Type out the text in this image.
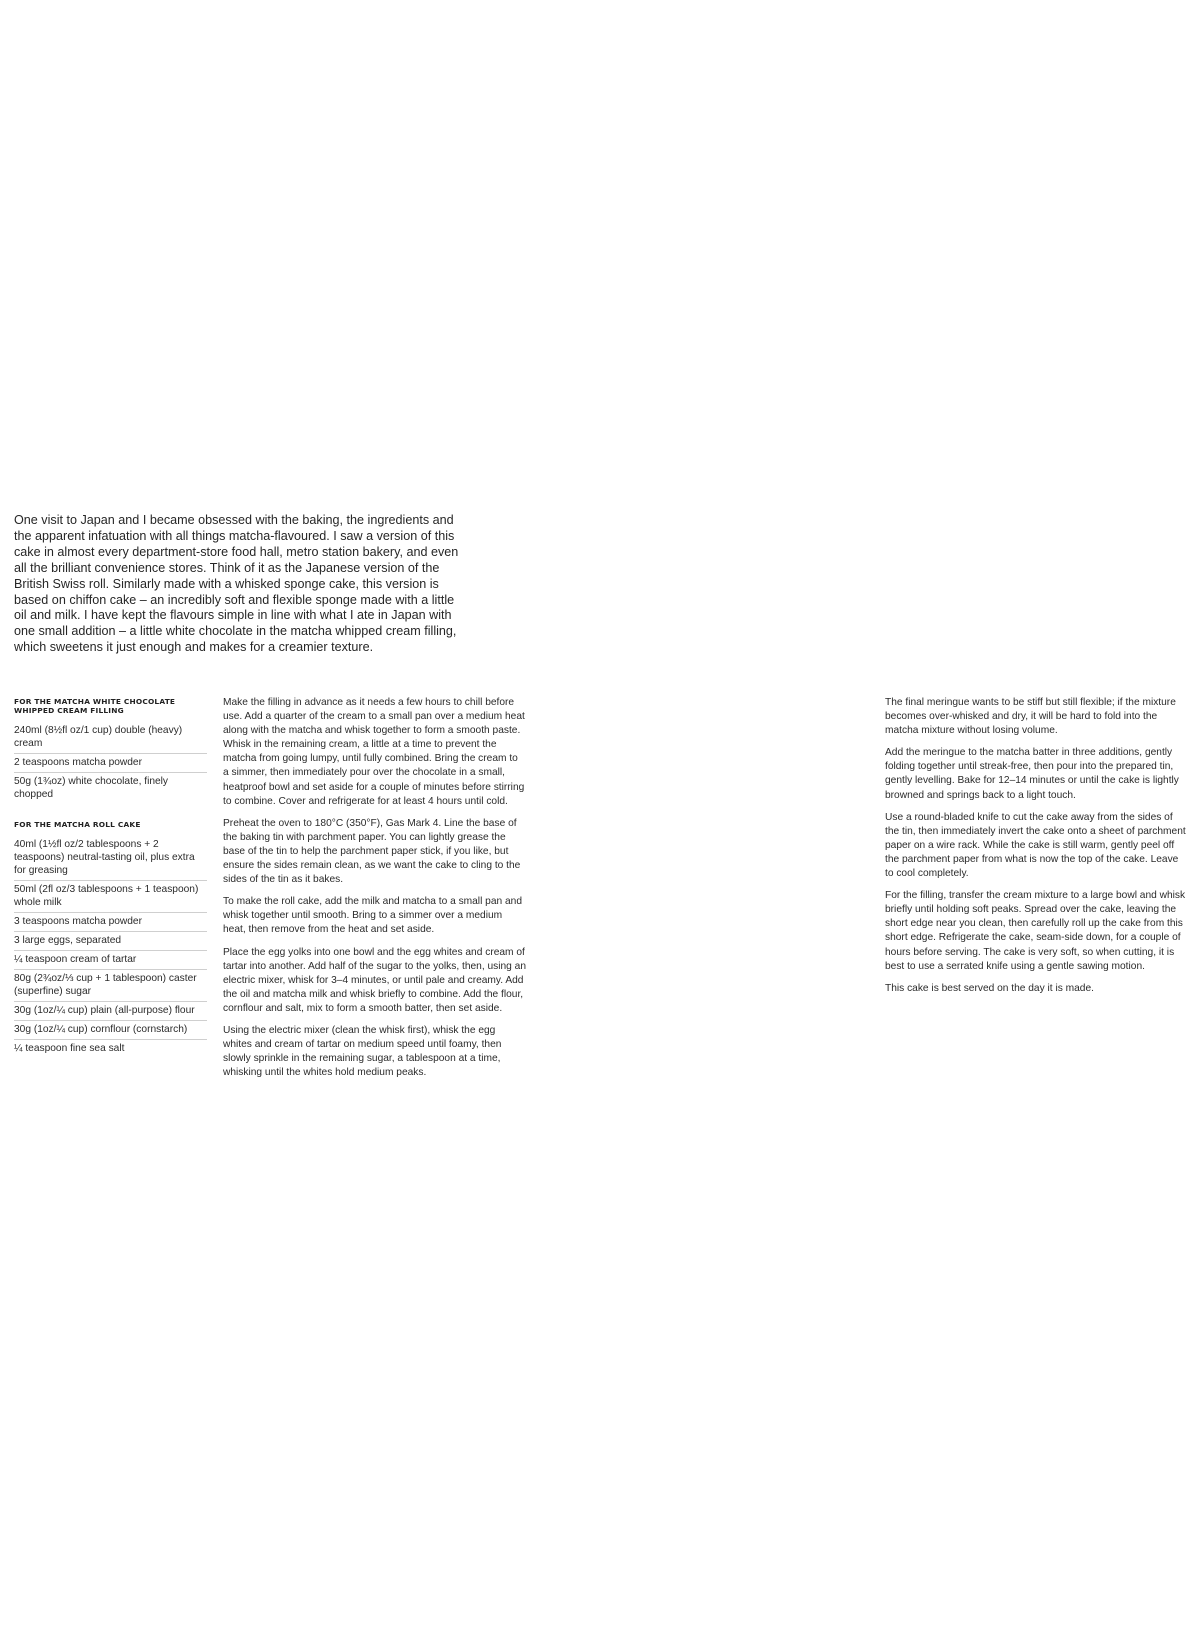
One visit to Japan and I became obsessed with the baking, the ingredients and the apparent infatuation with all things matcha-flavoured. I saw a version of this cake in almost every department-store food hall, metro station bakery, and even all the brilliant convenience stores. Think of it as the Japanese version of the British Swiss roll. Similarly made with a whisked sponge cake, this version is based on chiffon cake – an incredibly soft and flexible sponge made with a little oil and milk. I have kept the flavours simple in line with what I ate in Japan with one small addition – a little white chocolate in the matcha whipped cream filling, which sweetens it just enough and makes for a creamier texture.

FOR THE MATCHA WHITE CHOCOLATE WHIPPED CREAM FILLING
240ml (8½fl oz/1 cup) double (heavy) cream
2 teaspoons matcha powder
50g (1¾oz) white chocolate, finely chopped
FOR THE MATCHA ROLL CAKE
40ml (1½fl oz/2 tablespoons + 2 teaspoons) neutral-tasting oil, plus extra for greasing
50ml (2fl oz/3 tablespoons + 1 teaspoon) whole milk
3 teaspoons matcha powder
3 large eggs, separated
¼ teaspoon cream of tartar
80g (2¾oz/⅓ cup + 1 tablespoon) caster (superfine) sugar
30g (1oz/¼ cup) plain (all-purpose) flour
30g (1oz/¼ cup) cornflour (cornstarch)
¼ teaspoon fine sea salt

Make the filling in advance as it needs a few hours to chill before use. Add a quarter of the cream to a small pan over a medium heat along with the matcha and whisk together to form a smooth paste. Whisk in the remaining cream, a little at a time to prevent the matcha from going lumpy, until fully combined. Bring the cream to a simmer, then immediately pour over the chocolate in a small, heatproof bowl and set aside for a couple of minutes before stirring to combine. Cover and refrigerate for at least 4 hours until cold.

Preheat the oven to 180°C (350°F), Gas Mark 4. Line the base of the baking tin with parchment paper. You can lightly grease the base of the tin to help the parchment paper stick, if you like, but ensure the sides remain clean, as we want the cake to cling to the sides of the tin as it bakes.

To make the roll cake, add the milk and matcha to a small pan and whisk together until smooth. Bring to a simmer over a medium heat, then remove from the heat and set aside.

Place the egg yolks into one bowl and the egg whites and cream of tartar into another. Add half of the sugar to the yolks, then, using an electric mixer, whisk for 3–4 minutes, or until pale and creamy. Add the oil and matcha milk and whisk briefly to combine. Add the flour, cornflour and salt, mix to form a smooth batter, then set aside.

Using the electric mixer (clean the whisk first), whisk the egg whites and cream of tartar on medium speed until foamy, then slowly sprinkle in the remaining sugar, a tablespoon at a time, whisking until the whites hold medium peaks.

The final meringue wants to be stiff but still flexible; if the mixture becomes over-whisked and dry, it will be hard to fold into the matcha mixture without losing volume.

Add the meringue to the matcha batter in three additions, gently folding together until streak-free, then pour into the prepared tin, gently levelling. Bake for 12–14 minutes or until the cake is lightly browned and springs back to a light touch.

Use a round-bladed knife to cut the cake away from the sides of the tin, then immediately invert the cake onto a sheet of parchment paper on a wire rack. While the cake is still warm, gently peel off the parchment paper from what is now the top of the cake. Leave to cool completely.

For the filling, transfer the cream mixture to a large bowl and whisk briefly until holding soft peaks. Spread over the cake, leaving the short edge near you clean, then carefully roll up the cake from this short edge. Refrigerate the cake, seam-side down, for a couple of hours before serving. The cake is very soft, so when cutting, it is best to use a serrated knife using a gentle sawing motion.

This cake is best served on the day it is made.
